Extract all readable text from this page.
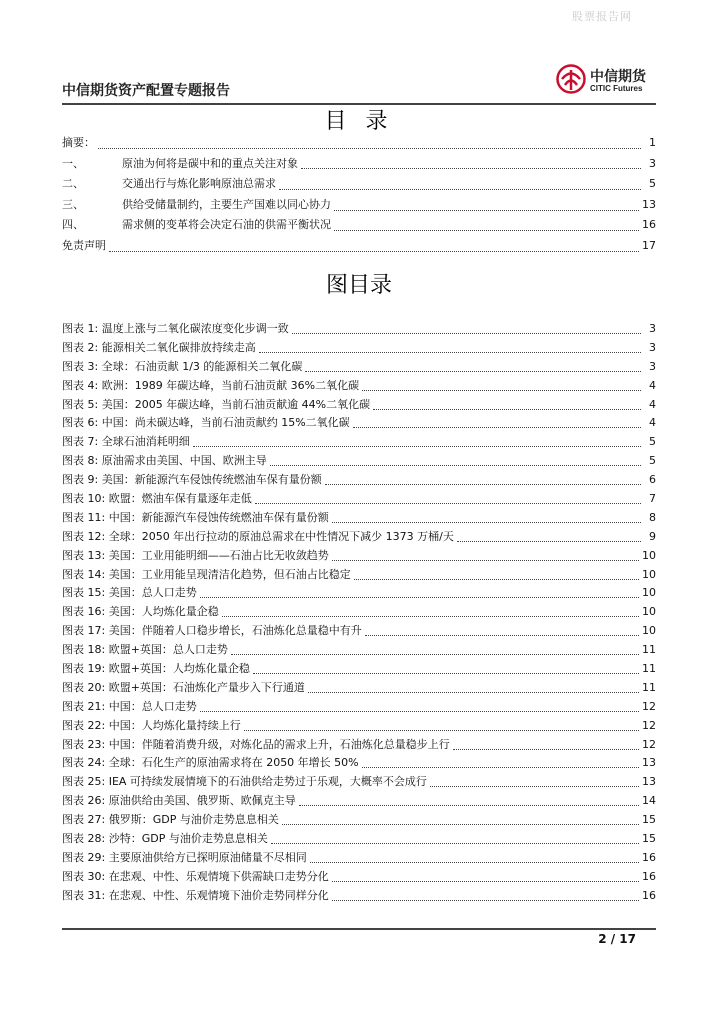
股票报告网
中信期货资产配置专题报告
中信期货
CITIC Futures
目 录
摘要：	1
一、	原油为何将是碳中和的重点关注对象	3
二、	交通出行与炼化影响原油总需求	5
三、	供给受储量制约，主要生产国难以同心协力	13
四、	需求侧的变革将会决定石油的供需平衡状况	16
免责声明	17
图目录
图表 1: 温度上涨与二氧化碳浓度变化步调一致	3
图表 2: 能源相关二氧化碳排放持续走高	3
图表 3: 全球：石油贡献 1/3 的能源相关二氧化碳	3
图表 4: 欧洲：1989 年碳达峰，当前石油贡献 36%二氧化碳	4
图表 5: 美国：2005 年碳达峰，当前石油贡献逾 44%二氧化碳	4
图表 6: 中国：尚未碳达峰，当前石油贡献约 15%二氧化碳	4
图表 7: 全球石油消耗明细	5
图表 8: 原油需求由美国、中国、欧洲主导	5
图表 9: 美国：新能源汽车侵蚀传统燃油车保有量份额	6
图表 10: 欧盟：燃油车保有量逐年走低	7
图表 11: 中国：新能源汽车侵蚀传统燃油车保有量份额	8
图表 12: 全球：2050 年出行拉动的原油总需求在中性情况下减少 1373 万桶/天	9
图表 13: 美国：工业用能明细——石油占比无收敛趋势	10
图表 14: 美国：工业用能呈现清洁化趋势，但石油占比稳定	10
图表 15: 美国：总人口走势	10
图表 16: 美国：人均炼化量企稳	10
图表 17: 美国：伴随着人口稳步增长，石油炼化总量稳中有升	10
图表 18: 欧盟+英国：总人口走势	11
图表 19: 欧盟+英国：人均炼化量企稳	11
图表 20: 欧盟+英国：石油炼化产量步入下行通道	11
图表 21: 中国：总人口走势	12
图表 22: 中国：人均炼化量持续上行	12
图表 23: 中国：伴随着消费升级，对炼化品的需求上升，石油炼化总量稳步上行	12
图表 24: 全球：石化生产的原油需求将在 2050 年增长 50%	13
图表 25: IEA 可持续发展情境下的石油供给走势过于乐观，大概率不会成行	13
图表 26: 原油供给由美国、俄罗斯、欧佩克主导	14
图表 27: 俄罗斯：GDP 与油价走势息息相关	15
图表 28: 沙特：GDP 与油价走势息息相关	15
图表 29: 主要原油供给方已探明原油储量不尽相同	16
图表 30: 在悲观、中性、乐观情境下供需缺口走势分化	16
图表 31: 在悲观、中性、乐观情境下油价走势同样分化	16
2 / 17
